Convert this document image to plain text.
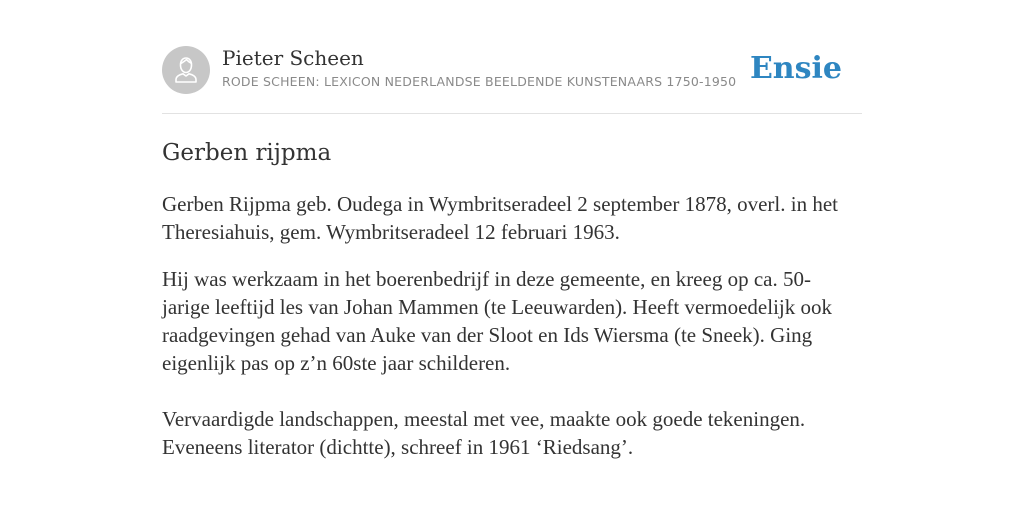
Pieter Scheen
RODE SCHEEN: LEXICON NEDERLANDSE BEELDENDE KUNSTENAARS 1750-1950 Ensie
Gerben rijpma

Gerben Rijpma geb. Oudega in Wymbritseradeel 2 september 1878, overl. in het
Theresiahuis, gem. Wymbritseradeel 12 februari 1963.

Hij was werkzaam in het boerenbedrijf in deze gemeente, en kreeg op ca. 50-
jarige leeftijd les van Johan Mammen (te Leeuwarden). Heeft vermoedelijk ook
raadgevingen gehad van Auke van der Sloot en Ids Wiersma (te Sneek). Ging
eigenlijk pas op z’n 60ste jaar schilderen.

Vervaardigde landschappen, meestal met vee, maakte ook goede tekeningen.
Eveneens literator (dichtte), schreef in 1961 ‘Riedsang’.
